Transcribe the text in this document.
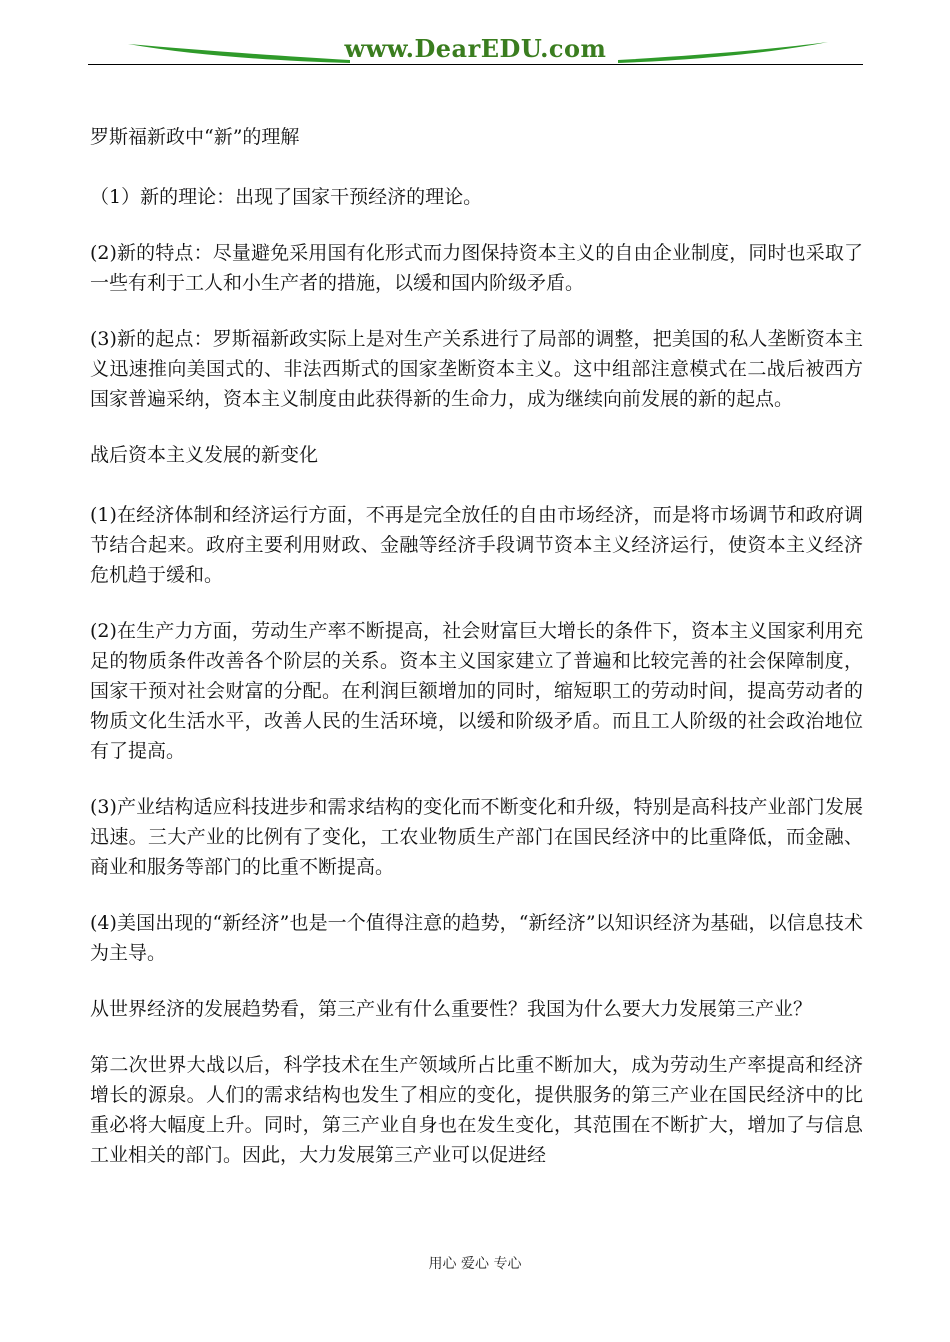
www.DearEDU.com

罗斯福新政中“新”的理解

（1）新的理论：出现了国家干预经济的理论。

(2)新的特点：尽量避免采用国有化形式而力图保持资本主义的自由企业制度，同时也采取了一些有利于工人和小生产者的措施，以缓和国内阶级矛盾。

(3)新的起点：罗斯福新政实际上是对生产关系进行了局部的调整，把美国的私人垄断资本主义迅速推向美国式的、非法西斯式的国家垄断资本主义。这中组部注意模式在二战后被西方国家普遍采纳，资本主义制度由此获得新的生命力，成为继续向前发展的新的起点。

战后资本主义发展的新变化

(1)在经济体制和经济运行方面，不再是完全放任的自由市场经济，而是将市场调节和政府调节结合起来。政府主要利用财政、金融等经济手段调节资本主义经济运行，使资本主义经济危机趋于缓和。

(2)在生产力方面，劳动生产率不断提高，社会财富巨大增长的条件下，资本主义国家利用充足的物质条件改善各个阶层的关系。资本主义国家建立了普遍和比较完善的社会保障制度，国家干预对社会财富的分配。在利润巨额增加的同时，缩短职工的劳动时间，提高劳动者的物质文化生活水平，改善人民的生活环境，以缓和阶级矛盾。而且工人阶级的社会政治地位有了提高。

(3)产业结构适应科技进步和需求结构的变化而不断变化和升级，特别是高科技产业部门发展迅速。三大产业的比例有了变化，工农业物质生产部门在国民经济中的比重降低，而金融、商业和服务等部门的比重不断提高。

(4)美国出现的“新经济”也是一个值得注意的趋势，“新经济”以知识经济为基础，以信息技术为主导。

从世界经济的发展趋势看，第三产业有什么重要性？我国为什么要大力发展第三产业？

第二次世界大战以后，科学技术在生产领域所占比重不断加大，成为劳动生产率提高和经济增长的源泉。人们的需求结构也发生了相应的变化，提供服务的第三产业在国民经济中的比重必将大幅度上升。同时，第三产业自身也在发生变化，其范围在不断扩大，增加了与信息工业相关的部门。因此，大力发展第三产业可以促进经

用心 爱心 专心
